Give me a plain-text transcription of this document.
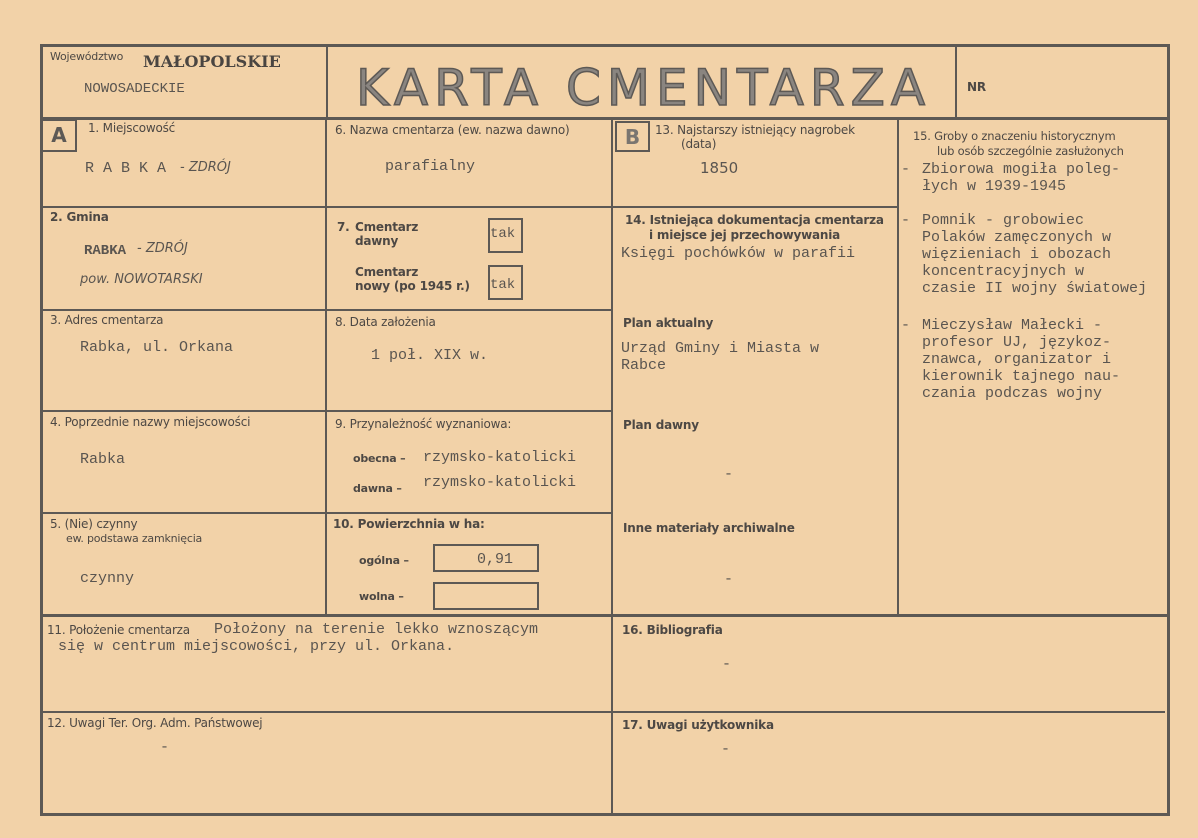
Województwo MAŁOPOLSKIE
NOWOSADECKIE	KARTA CMENTARZA	NR
A	1. Miejscowość
R A B K A - ZDRÓJ
2. Gmina
RABKA - ZDRÓJ
pow. NOWOTARSKI
3. Adres cmentarza
Rabka, ul. Orkana
4. Poprzednie nazwy miejscowości
Rabka
5. (Nie) czynny
ew. podstawa zamknięcia
czynny
6. Nazwa cmentarza (ew. nazwa dawno)
parafialny
7. Cmentarz
dawny	tak
Cmentarz
nowy (po 1945 r.) tak
8. Data założenia
1 poł. XIX w.
9. Przynależność wyznaniowa:
obecna – rzymsko-katolicki
dawna – rzymsko-katolicki
10. Powierzchnia w ha:
ogólna –	0,91
wolna –
11. Położenie cmentarza Położony na terenie lekko wznoszącym
się w centrum miejscowości, przy ul. Orkana.
12. Uwagi Ter. Org. Adm. Państwowej
-
B	13. Najstarszy istniejący nagrobek
(data)
1850
14. Istniejąca dokumentacja cmentarza
i miejsce jej przechowywania
Księgi pochówków w parafii
Plan aktualny
Urząd Gminy i Miasta w
Rabce
Plan dawny
-
Inne materiały archiwalne
-
15. Groby o znaczeniu historycznym
lub osób szczególnie zasłużonych
- Zbiorowa mogiła poleg-
łych w 1939-1945
- Pomnik - grobowiec
Polaków zamęczonych w
więzieniach i obozach
koncentracyjnych w
czasie II wojny światowej
- Mieczysław Małecki -
profesor UJ, językoz-
znawca, organizator i
kierownik tajnego nau-
czania podczas wojny
16. Bibliografia
-
17. Uwagi użytkownika
-
